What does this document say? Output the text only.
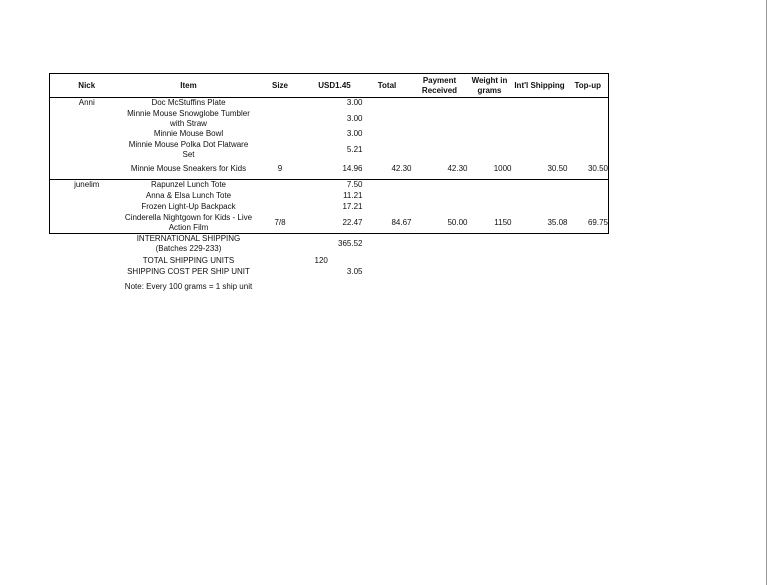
Nick	Item	Size	USD1.45	Total	Payment Received	Weight in grams	Int'l Shipping	Top-up
Anni	Doc McStuffins Plate		3.00					
	Minnie Mouse Snowglobe Tumbler with Straw		3.00					
	Minnie Mouse Bowl		3.00					
	Minnie Mouse Polka Dot Flatware Set		5.21					
	Minnie Mouse Sneakers for Kids	9	14.96	42.30	42.30	1000	30.50	30.50
junelim	Rapunzel Lunch Tote		7.50					
	Anna & Elsa Lunch Tote		11.21					
	Frozen Light-Up Backpack		17.21					
	Cinderella Nightgown for Kids - Live Action Film	7/8	22.47	84.67	50.00	1150	35.08	69.75
	INTERNATIONAL SHIPPING (Batches 229-233)		365.52					
	TOTAL SHIPPING UNITS		120					
	SHIPPING COST PER SHIP UNIT		3.05					
	Note: Every 100 grams = 1 ship unit							
